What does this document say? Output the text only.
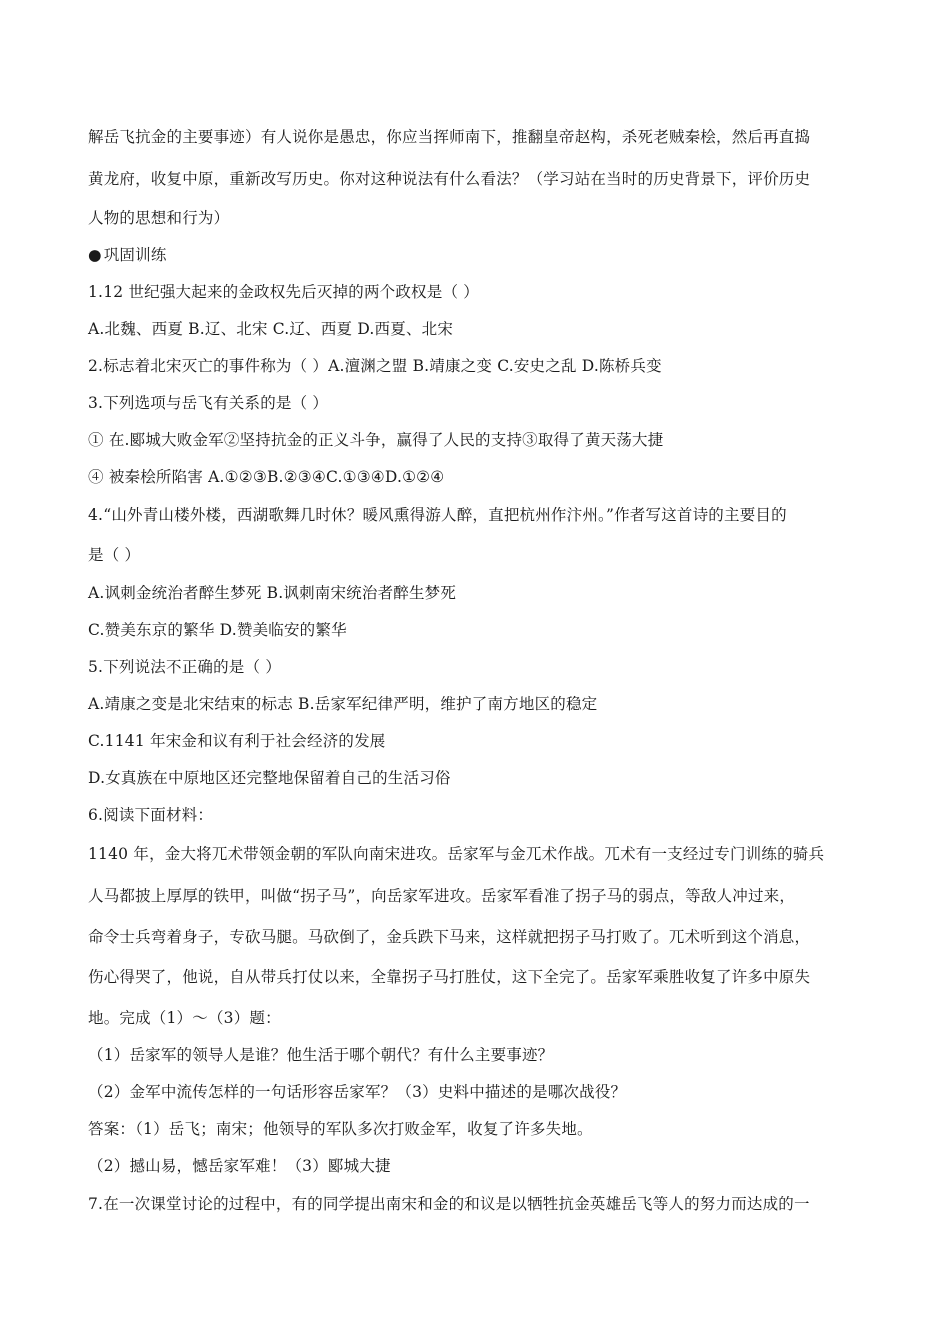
解岳飞抗金的主要事迹）有人说你是愚忠，你应当挥师南下，推翻皇帝赵构，杀死老贼秦桧，然后再直捣
黄龙府，收复中原，重新改写历史。你对这种说法有什么看法？（学习站在当时的历史背景下，评价历史
人物的思想和行为）
● 巩固训练
1.12 世纪强大起来的金政权先后灭掉的两个政权是（ ）
A.北魏、西夏 B.辽、北宋 C.辽、西夏 D.西夏、北宋
2.标志着北宋灭亡的事件称为（ ）A.澶渊之盟 B.靖康之变 C.安史之乱 D.陈桥兵变
3.下列选项与岳飞有关系的是（ ）
① 在.郾城大败金军②坚持抗金的正义斗争，赢得了人民的支持③取得了黄天荡大捷
④ 被秦桧所陷害 A.①②③B.②③④C.①③④D.①②④
4.“山外青山楼外楼，西湖歌舞几时休？暖风熏得游人醉，直把杭州作汴州。”作者写这首诗的主要目的
是（ ）
A.讽刺金统治者醉生梦死 B.讽刺南宋统治者醉生梦死
C.赞美东京的繁华 D.赞美临安的繁华
5.下列说法不正确的是（ ）
A.靖康之变是北宋结束的标志 B.岳家军纪律严明，维护了南方地区的稳定
C.1141 年宋金和议有利于社会经济的发展
D.女真族在中原地区还完整地保留着自己的生活习俗
6.阅读下面材料：
1140 年，金大将兀术带领金朝的军队向南宋进攻。岳家军与金兀术作战。兀术有一支经过专门训练的骑兵
人马都披上厚厚的铁甲，叫做“拐子马”，向岳家军进攻。岳家军看准了拐子马的弱点，等敌人冲过来，
命令士兵弯着身子，专砍马腿。马砍倒了，金兵跌下马来，这样就把拐子马打败了。兀术听到这个消息，
伤心得哭了，他说，自从带兵打仗以来，全靠拐子马打胜仗，这下全完了。岳家军乘胜收复了许多中原失
地。完成（1）～（3）题：
（1）岳家军的领导人是谁？他生活于哪个朝代？有什么主要事迹？
（2）金军中流传怎样的一句话形容岳家军？（3）史料中描述的是哪次战役？
答案：（1）岳飞；南宋；他领导的军队多次打败金军，收复了许多失地。
（2）撼山易，憾岳家军难！（3）郾城大捷
7.在一次课堂讨论的过程中，有的同学提出南宋和金的和议是以牺牲抗金英雄岳飞等人的努力而达成的一
